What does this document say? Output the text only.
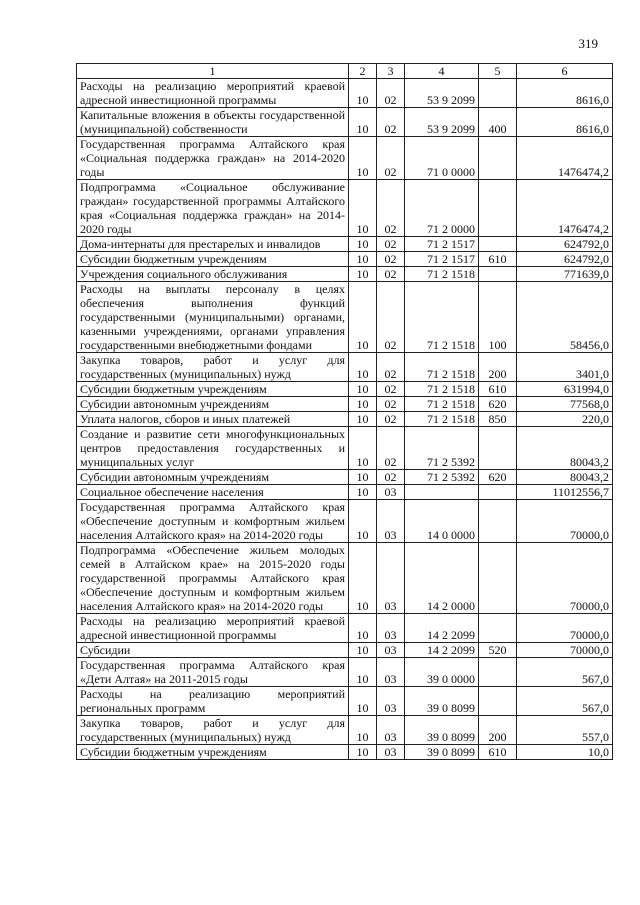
319
1	2	3	4	5	6
Расходы на реализацию мероприятий краевой адресной инвестиционной программы	10	02	53 9 2099		8616,0
Капитальные вложения в объекты государственной (муниципальной) собственности	10	02	53 9 2099	400	8616,0
Государственная программа Алтайского края «Социальная поддержка граждан» на 2014-2020 годы	10	02	71 0 0000		1476474,2
Подпрограмма «Социальное обслуживание граждан» государственной программы Алтайского края «Социальная поддержка граждан» на 2014-2020 годы	10	02	71 2 0000		1476474,2
Дома-интернаты для престарелых и инвалидов	10	02	71 2 1517		624792,0
Субсидии бюджетным учреждениям	10	02	71 2 1517	610	624792,0
Учреждения социального обслуживания	10	02	71 2 1518		771639,0
Расходы на выплаты персоналу в целях обеспечения выполнения функций государственными (муниципальными) органами, казенными учреждениями, органами управления государственными внебюджетными фондами	10	02	71 2 1518	100	58456,0
Закупка товаров, работ и услуг для государственных (муниципальных) нужд	10	02	71 2 1518	200	3401,0
Субсидии бюджетным учреждениям	10	02	71 2 1518	610	631994,0
Субсидии автономным учреждениям	10	02	71 2 1518	620	77568,0
Уплата налогов, сборов и иных платежей	10	02	71 2 1518	850	220,0
Создание и развитие сети многофункциональных центров предоставления государственных и муниципальных услуг	10	02	71 2 5392		80043,2
Субсидии автономным учреждениям	10	02	71 2 5392	620	80043,2
Социальное обеспечение населения	10	03			11012556,7
Государственная программа Алтайского края «Обеспечение доступным и комфортным жильем населения Алтайского края» на 2014-2020 годы	10	03	14 0 0000		70000,0
Подпрограмма «Обеспечение жильем молодых семей в Алтайском крае» на 2015-2020 годы государственной программы Алтайского края «Обеспечение доступным и комфортным жильем населения Алтайского края» на 2014-2020 годы	10	03	14 2 0000		70000,0
Расходы на реализацию мероприятий краевой адресной инвестиционной программы	10	03	14 2 2099		70000,0
Субсидии	10	03	14 2 2099	520	70000,0
Государственная программа Алтайского края «Дети Алтая» на 2011-2015 годы	10	03	39 0 0000		567,0
Расходы на реализацию мероприятий региональных программ	10	03	39 0 8099		567,0
Закупка товаров, работ и услуг для государственных (муниципальных) нужд	10	03	39 0 8099	200	557,0
Субсидии бюджетным учреждениям	10	03	39 0 8099	610	10,0
